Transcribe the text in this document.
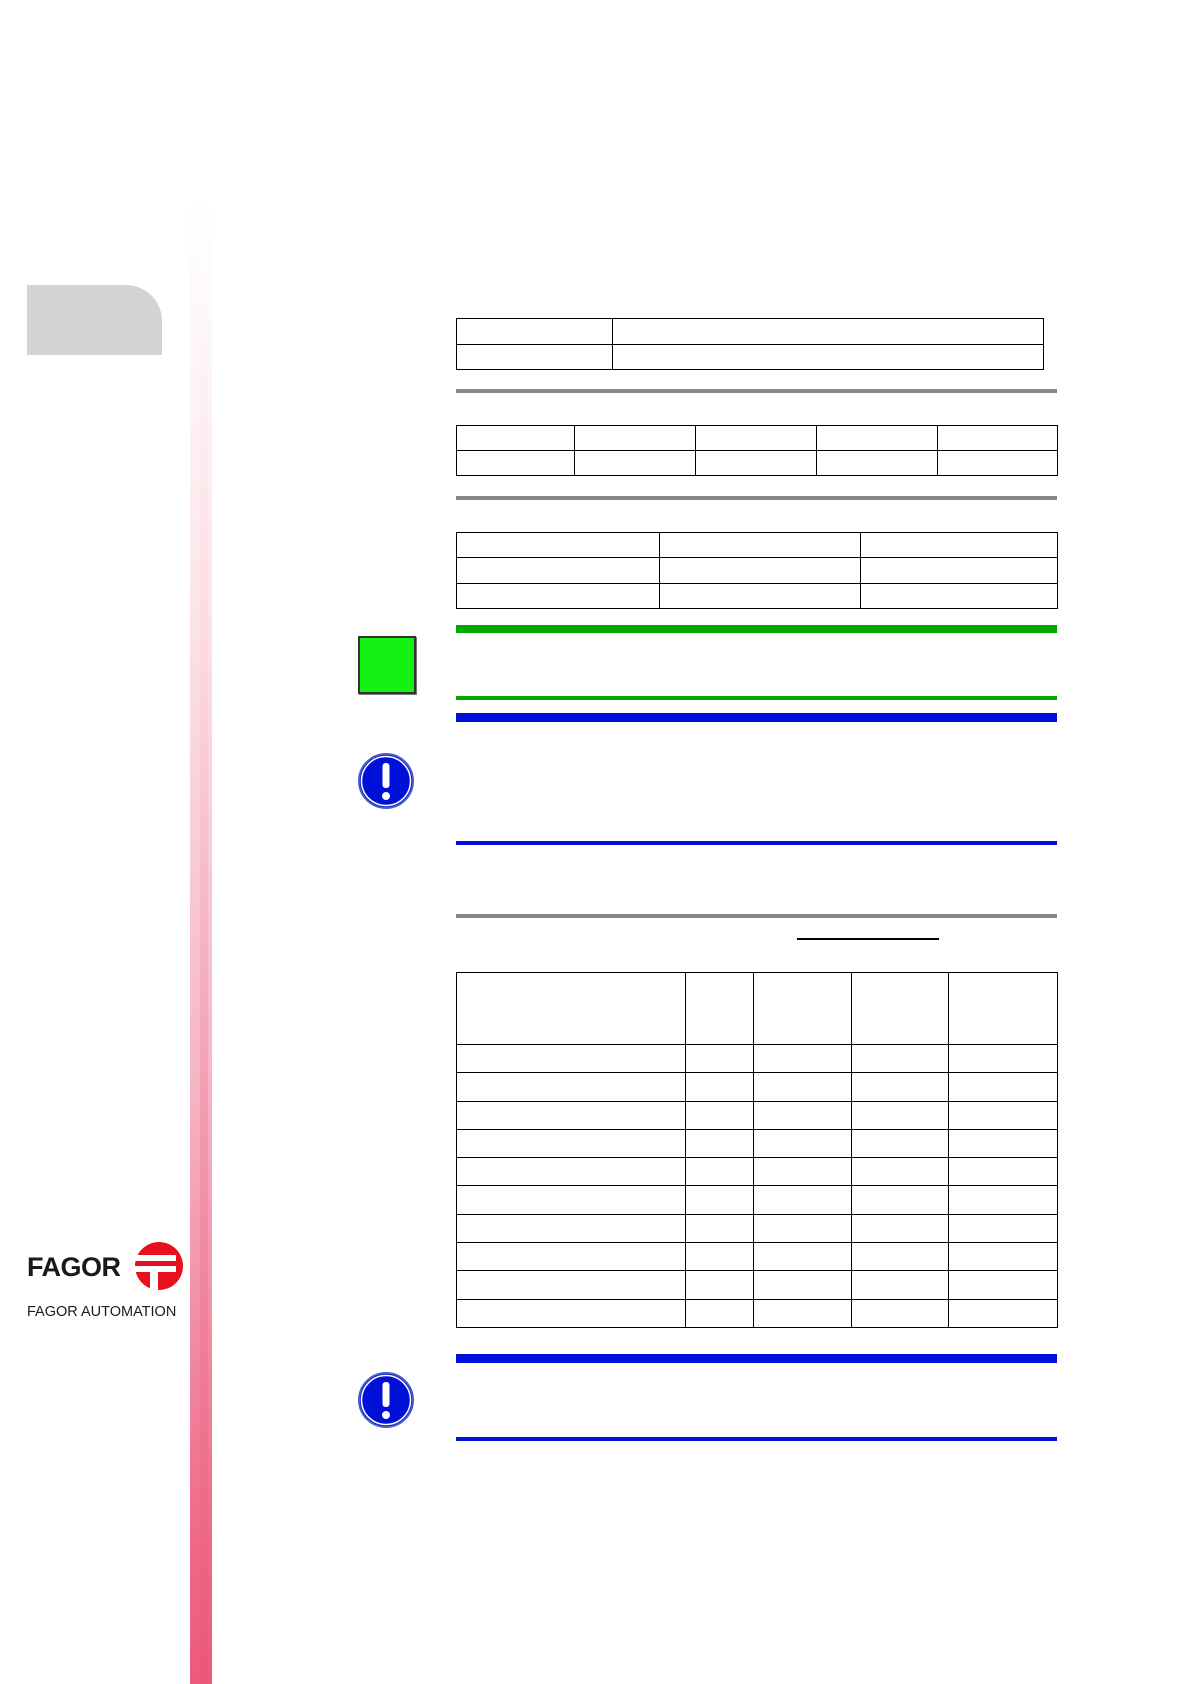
FAGOR
FAGOR AUTOMATION
